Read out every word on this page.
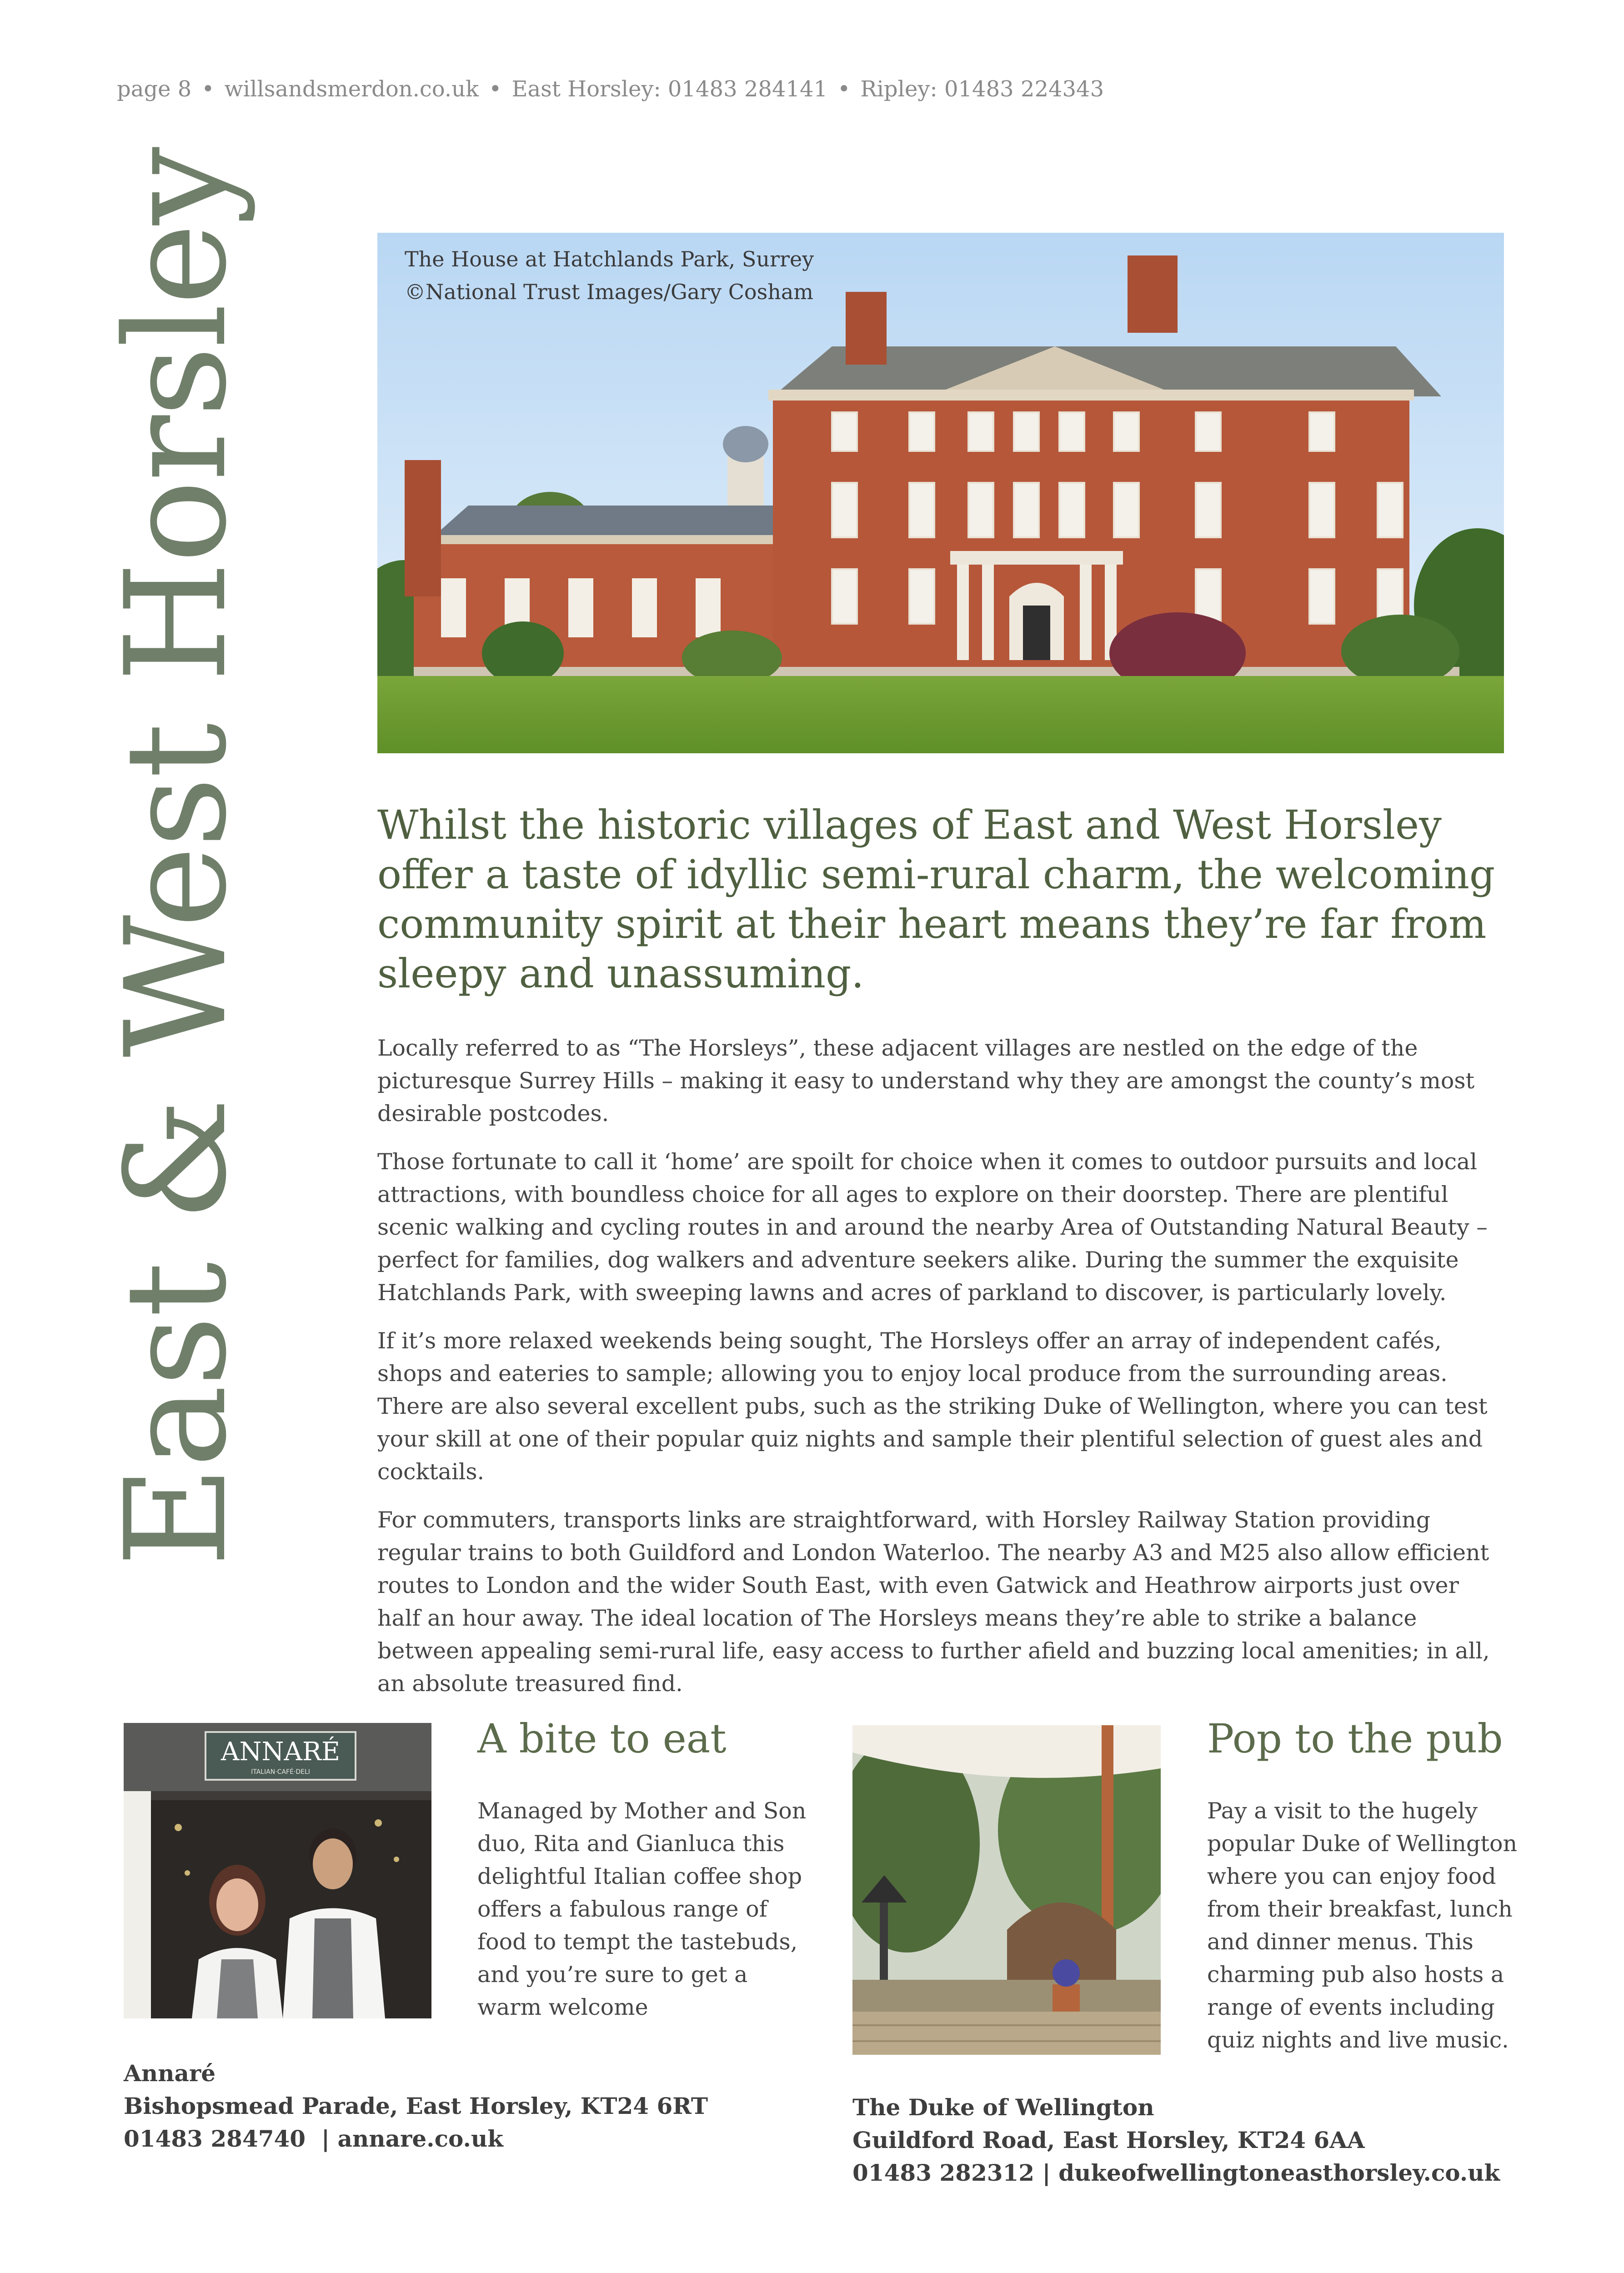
page 8 • willsandsmerdon.co.uk • East Horsley: 01483 284141 • Ripley: 01483 224343
East & West Horsley	The House at Hatchlands Park, Surrey
©National Trust Images/Gary Cosham
Whilst the historic villages of East and West Horsley offer a taste of idyllic semi-rural charm, the welcoming community spirit at their heart means they’re far from sleepy and unassuming.

Locally referred to as “The Horsleys”, these adjacent villages are nestled on the edge of the picturesque Surrey Hills – making it easy to understand why they are amongst the county’s most desirable postcodes.

Those fortunate to call it ‘home’ are spoilt for choice when it comes to outdoor pursuits and local attractions, with boundless choice for all ages to explore on their doorstep. There are plentiful scenic walking and cycling routes in and around the nearby Area of Outstanding Natural Beauty – perfect for families, dog walkers and adventure seekers alike. During the summer the exquisite Hatchlands Park, with sweeping lawns and acres of parkland to discover, is particularly lovely.

If it’s more relaxed weekends being sought, The Horsleys offer an array of independent cafés, shops and eateries to sample; allowing you to enjoy local produce from the surrounding areas. There are also several excellent pubs, such as the striking Duke of Wellington, where you can test your skill at one of their popular quiz nights and sample their plentiful selection of guest ales and cocktails.

For commuters, transports links are straightforward, with Horsley Railway Station providing regular trains to both Guildford and London Waterloo. The nearby A3 and M25 also allow efficient routes to London and the wider South East, with even Gatwick and Heathrow airports just over half an hour away. The ideal location of The Horsleys means they’re able to strike a balance between appealing semi-rural life, easy access to further afield and buzzing local amenities; in all, an absolute treasured find.

ANNARÉ
ITALIAN·CAFÉ·DELI
A bite to eat
Managed by Mother and Son
duo, Rita and Gianluca this
delightful Italian coffee shop
offers a fabulous range of
food to tempt the tastebuds,
and you’re sure to get a
warm welcome
Annaré
Bishopsmead Parade, East Horsley, KT24 6RT
01483 284740  | annare.co.uk
Pop to the pub
Pay a visit to the hugely
popular Duke of Wellington
where you can enjoy food
from their breakfast, lunch
and dinner menus. This
charming pub also hosts a
range of events including
quiz nights and live music.
The Duke of Wellington
Guildford Road, East Horsley, KT24 6AA
01483 282312 | dukeofwellingtoneasthorsley.co.uk
